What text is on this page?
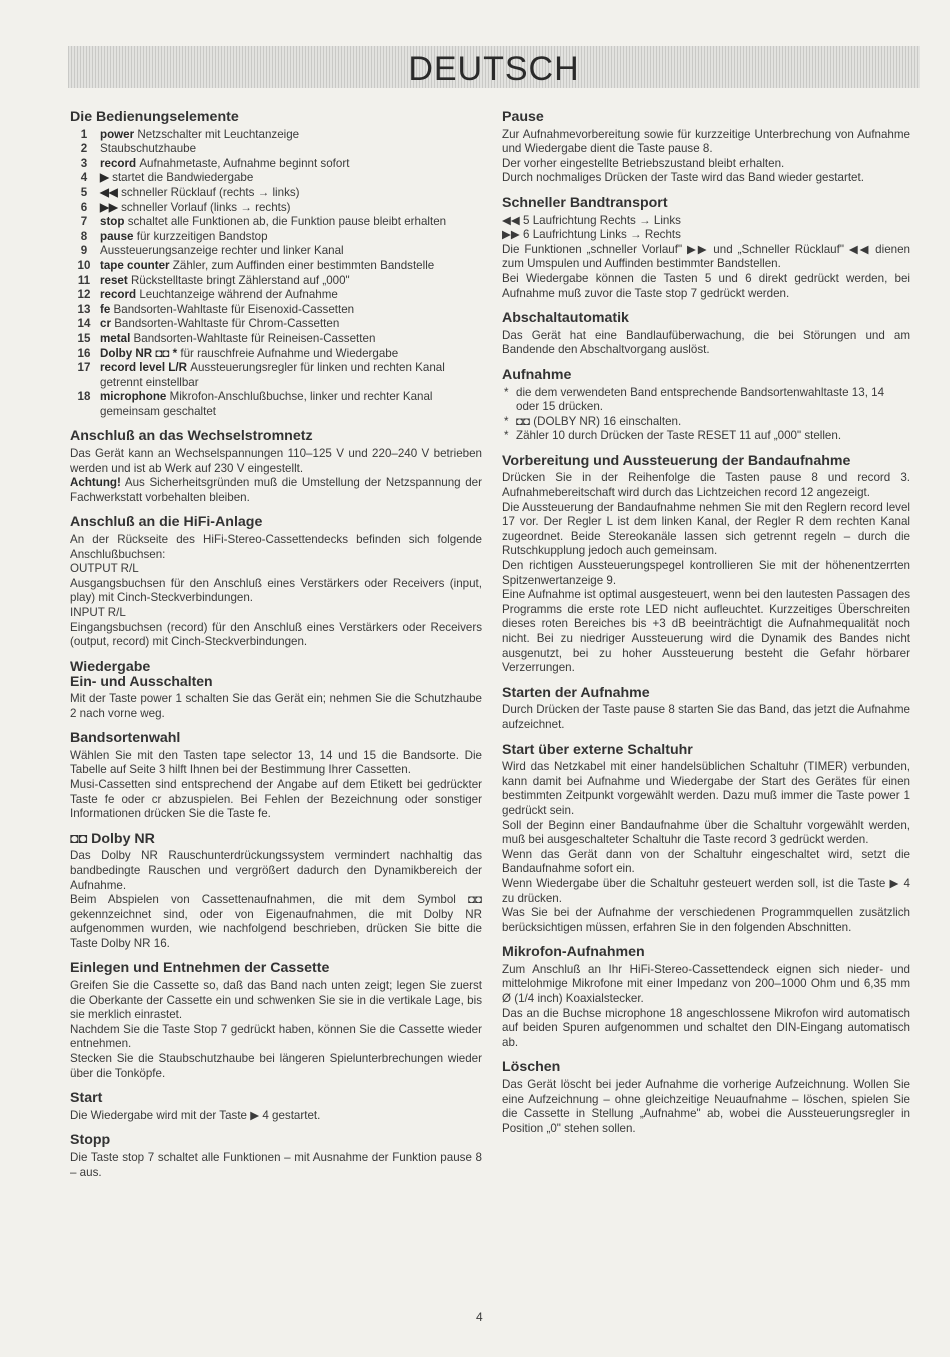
DEUTSCH
Die Bedienungselemente
1	power Netzschalter mit Leuchtanzeige
2	Staubschutzhaube
3	record Aufnahmetaste, Aufnahme beginnt sofort
4	▶ startet die Bandwiedergabe
5	◀◀ schneller Rücklauf (rechts → links)
6	▶▶ schneller Vorlauf (links → rechts)
7	stop schaltet alle Funktionen ab, die Funktion pause bleibt erhalten
8	pause für kurzzeitigen Bandstop
9	Aussteuerungsanzeige rechter und linker Kanal
10 tape counter Zähler, zum Auffinden einer bestimmten Bandstelle
11 reset Rückstelltaste bringt Zählerstand auf „000"
12 record Leuchtanzeige während der Aufnahme
13 fe Bandsorten-Wahltaste für Eisenoxid-Cassetten
14 cr Bandsorten-Wahltaste für Chrom-Cassetten
15 metal Bandsorten-Wahltaste für Reineisen-Cassetten
16 Dolby NR ◘◘ * für rauschfreie Aufnahme und Wiedergabe
17 record level L/R Aussteuerungsregler für linken und rechten Kanal getrennt einstellbar
18 microphone Mikrofon-Anschlußbuchse, linker und rechter Kanal gemeinsam geschaltet
Anschluß an das Wechselstromnetz

Das Gerät kann an Wechselspannungen 110–125 V und 220–240 V betrieben werden und ist ab Werk auf 230 V eingestellt.

Achtung! Aus Sicherheitsgründen muß die Umstellung der Netzspannung der Fachwerkstatt vorbehalten bleiben.

Anschluß an die HiFi-Anlage

An der Rückseite des HiFi-Stereo-Cassettendecks befinden sich folgende Anschlußbuchsen:

OUTPUT R/L

Ausgangsbuchsen für den Anschluß eines Verstärkers oder Receivers (input, play) mit Cinch-Steckverbindungen.

INPUT R/L

Eingangsbuchsen (record) für den Anschluß eines Verstärkers oder Receivers (output, record) mit Cinch-Steckverbindungen.

Wiedergabe
Ein- und Ausschalten

Mit der Taste power 1 schalten Sie das Gerät ein; nehmen Sie die Schutzhaube 2 nach vorne weg.

Bandsortenwahl

Wählen Sie mit den Tasten tape selector 13, 14 und 15 die Bandsorte. Die Tabelle auf Seite 3 hilft Ihnen bei der Bestimmung Ihrer Cassetten.

Musi-Cassetten sind entsprechend der Angabe auf dem Etikett bei gedrückter Taste fe oder cr abzuspielen. Bei Fehlen der Bezeichnung oder sonstiger Informationen drücken Sie die Taste fe.

◘◘ Dolby NR

Das Dolby NR Rauschunterdrückungssystem vermindert nachhaltig das bandbedingte Rauschen und vergrößert dadurch den Dynamikbereich der Aufnahme.

Beim Abspielen von Cassettenaufnahmen, die mit dem Symbol ◘◘ gekennzeichnet sind, oder von Eigenaufnahmen, die mit Dolby NR aufgenommen wurden, wie nachfolgend beschrieben, drücken Sie bitte die Taste Dolby NR 16.

Einlegen und Entnehmen der Cassette

Greifen Sie die Cassette so, daß das Band nach unten zeigt; legen Sie zuerst die Oberkante der Cassette ein und schwenken Sie sie in die vertikale Lage, bis sie merklich einrastet.

Nachdem Sie die Taste Stop 7 gedrückt haben, können Sie die Cassette wieder entnehmen.

Stecken Sie die Staubschutzhaube bei längeren Spielunterbrechungen wieder über die Tonköpfe.

Start

Die Wiedergabe wird mit der Taste ▶ 4 gestartet.

Stopp

Die Taste stop 7 schaltet alle Funktionen – mit Ausnahme der Funktion pause 8 – aus.

Pause

Zur Aufnahmevorbereitung sowie für kurzzeitige Unterbrechung von Aufnahme und Wiedergabe dient die Taste pause 8.

Der vorher eingestellte Betriebszustand bleibt erhalten.

Durch nochmaliges Drücken der Taste wird das Band wieder gestartet.

Schneller Bandtransport

◀◀ 5 Laufrichtung Rechts → Links

▶▶ 6 Laufrichtung Links → Rechts

Die Funktionen „schneller Vorlauf" ▶▶ und „Schneller Rücklauf" ◀◀ dienen zum Umspulen und Auffinden bestimmter Bandstellen.

Bei Wiedergabe können die Tasten 5 und 6 direkt gedrückt werden, bei Aufnahme muß zuvor die Taste stop 7 gedrückt werden.

Abschaltautomatik

Das Gerät hat eine Bandlaufüberwachung, die bei Störungen und am Bandende den Abschaltvorgang auslöst.

Aufnahme
* die dem verwendeten Band entsprechende Bandsortenwahltaste 13, 14 oder 15 drücken.
* ◘◘ (DOLBY NR) 16 einschalten.
* Zähler 10 durch Drücken der Taste RESET 11 auf „000" stellen.
Vorbereitung und Aussteuerung der Bandaufnahme

Drücken Sie in der Reihenfolge die Tasten pause 8 und record 3. Aufnahmebereitschaft wird durch das Lichtzeichen record 12 angezeigt.

Die Aussteuerung der Bandaufnahme nehmen Sie mit den Reglern record level 17 vor. Der Regler L ist dem linken Kanal, der Regler R dem rechten Kanal zugeordnet. Beide Stereokanäle lassen sich getrennt regeln – durch die Rutschkupplung jedoch auch gemeinsam.

Den richtigen Aussteuerungspegel kontrollieren Sie mit der höhenentzerrten Spitzenwertanzeige 9.

Eine Aufnahme ist optimal ausgesteuert, wenn bei den lautesten Passagen des Programms die erste rote LED nicht aufleuchtet. Kurzzeitiges Überschreiten dieses roten Bereiches bis +3 dB beeinträchtigt die Aufnahmequalität noch nicht. Bei zu niedriger Aussteuerung wird die Dynamik des Bandes nicht ausgenutzt, bei zu hoher Aussteuerung besteht die Gefahr hörbarer Verzerrungen.

Starten der Aufnahme

Durch Drücken der Taste pause 8 starten Sie das Band, das jetzt die Aufnahme aufzeichnet.

Start über externe Schaltuhr

Wird das Netzkabel mit einer handelsüblichen Schaltuhr (TIMER) verbunden, kann damit bei Aufnahme und Wiedergabe der Start des Gerätes für einen bestimmten Zeitpunkt vorgewählt werden. Dazu muß immer die Taste power 1 gedrückt sein.

Soll der Beginn einer Bandaufnahme über die Schaltuhr vorgewählt werden, muß bei ausgeschalteter Schaltuhr die Taste record 3 gedrückt werden.

Wenn das Gerät dann von der Schaltuhr eingeschaltet wird, setzt die Bandaufnahme sofort ein.

Wenn Wiedergabe über die Schaltuhr gesteuert werden soll, ist die Taste ▶ 4 zu drücken.

Was Sie bei der Aufnahme der verschiedenen Programmquellen zusätzlich berücksichtigen müssen, erfahren Sie in den folgenden Abschnitten.

Mikrofon-Aufnahmen

Zum Anschluß an Ihr HiFi-Stereo-Cassettendeck eignen sich nieder- und mittelohmige Mikrofone mit einer Impedanz von 200–1000 Ohm und 6,35 mm Ø (1/4 inch) Koaxialstecker.

Das an die Buchse microphone 18 angeschlossene Mikrofon wird automatisch auf beiden Spuren aufgenommen und schaltet den DIN-Eingang automatisch ab.

Löschen

Das Gerät löscht bei jeder Aufnahme die vorherige Aufzeichnung. Wollen Sie eine Aufzeichnung – ohne gleichzeitige Neuaufnahme – löschen, spielen Sie die Cassette in Stellung „Aufnahme" ab, wobei die Aussteuerungsregler in Position „0" stehen sollen.

4
